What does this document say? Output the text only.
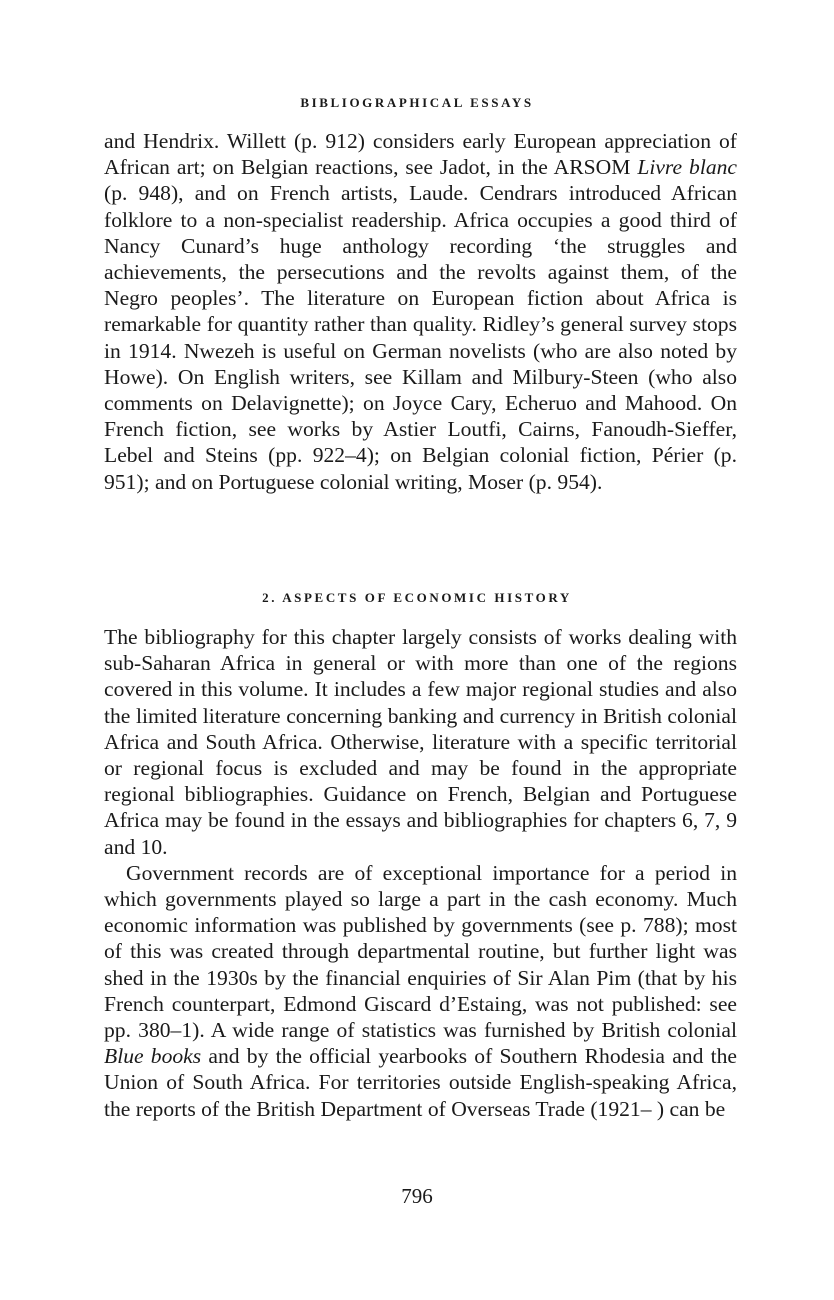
BIBLIOGRAPHICAL ESSAYS

and Hendrix. Willett (p. 912) considers early European appreciation of African art; on Belgian reactions, see Jadot, in the ARSOM Livre blanc (p. 948), and on French artists, Laude. Cendrars introduced African folklore to a non-specialist readership. Africa occupies a good third of Nancy Cunard’s huge anthology recording ‘the struggles and achievements, the persecutions and the revolts against them, of the Negro peoples’. The literature on European fiction about Africa is remarkable for quantity rather than quality. Ridley’s general survey stops in 1914. Nwezeh is useful on German novelists (who are also noted by Howe). On English writers, see Killam and Milbury-Steen (who also comments on Delavignette); on Joyce Cary, Echeruo and Mahood. On French fiction, see works by Astier Loutfi, Cairns, Fanoudh-Sieffer, Lebel and Steins (pp. 922–4); on Belgian colonial fiction, Périer (p. 951); and on Portuguese colonial writing, Moser (p. 954).

2. ASPECTS OF ECONOMIC HISTORY

The bibliography for this chapter largely consists of works dealing with sub-Saharan Africa in general or with more than one of the regions covered in this volume. It includes a few major regional studies and also the limited literature concerning banking and currency in British colonial Africa and South Africa. Otherwise, literature with a specific territorial or regional focus is excluded and may be found in the appropriate regional bibliographies. Guidance on French, Belgian and Portuguese Africa may be found in the essays and bibliographies for chapters 6, 7, 9 and 10.

Government records are of exceptional importance for a period in which governments played so large a part in the cash economy. Much economic information was published by governments (see p. 788); most of this was created through departmental routine, but further light was shed in the 1930s by the financial enquiries of Sir Alan Pim (that by his French counterpart, Edmond Giscard d’Estaing, was not published: see pp. 380–1). A wide range of statistics was furnished by British colonial Blue books and by the official yearbooks of Southern Rhodesia and the Union of South Africa. For territories outside English-speaking Africa, the reports of the British Department of Overseas Trade (1921– ) can be

796
